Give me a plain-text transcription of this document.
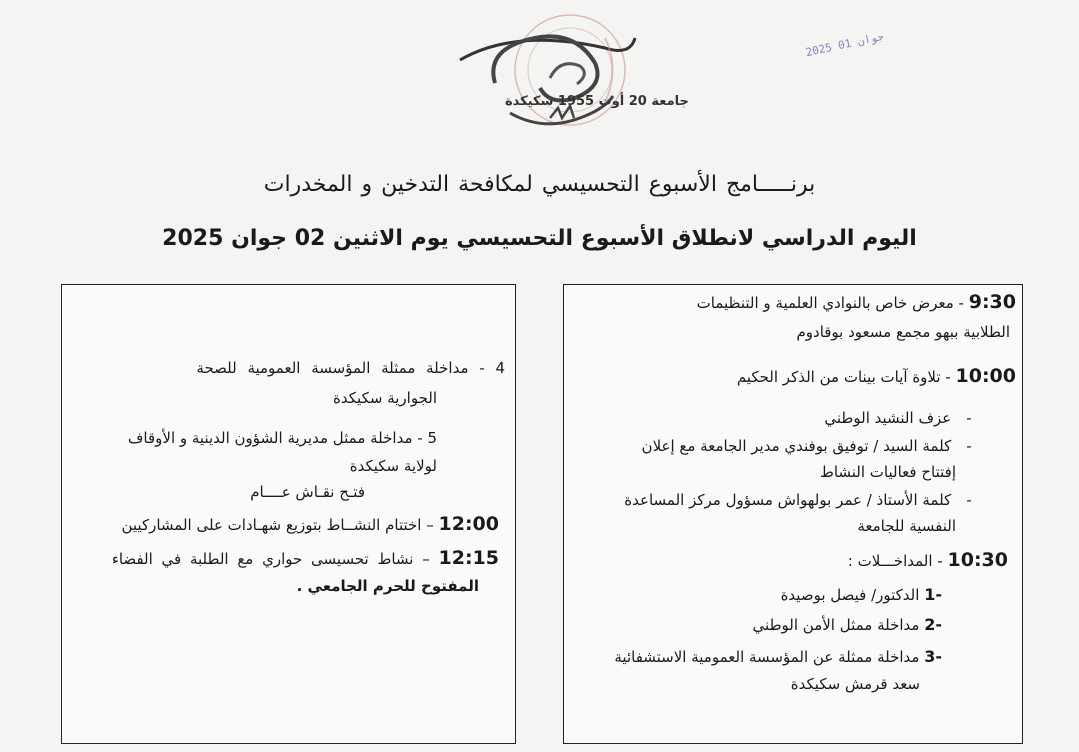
جامعة 20 أوت 1955 سكيكدة
2025 جوان 01
برنـــــامج الأسبوع التحسيسي لمكافحة التدخين و المخدرات
اليوم الدراسي لانطلاق الأسبوع التحسيسي يوم الاثنين 02 جوان 2025
9:30 - معرض خاص بالنوادي العلمية و التنظيمات
الطلابية ببهو مجمع مسعود بوقادوم
10:00 - تلاوة آيات بينات من الذكر الحكيم
- عزف النشيد الوطني
- كلمة السيد / توفيق بوفندي مدير الجامعة مع إعلان
إفتتاح فعاليات النشاط
- كلمة الأستاذ / عمر بولهواش مسؤول مركز المساعدة
النفسية للجامعة
10:30 - المداخـــلات :
1- الدكتور/ فيصل بوصيدة
2- مداخلة ممثل الأمن الوطني
3- مداخلة ممثلة عن المؤسسة العمومية الاستشفائية
سعد قرمش سكيكدة
4 - مداخلة ممثلة المؤسسة العمومية للصحة
الجوارية سكيكدة
5 - مداخلة ممثل مديرية الشؤون الدينية و الأوقاف
لولاية سكيكدة
فتـح نقـاش عــــام
12:00 – اختتام النشــاط بتوزيع شهـادات على المشاركيين
12:15 – نشاط تحسيسى حواري مع الطلبة في الفضاء
المفتوح للحرم الجامعي .
